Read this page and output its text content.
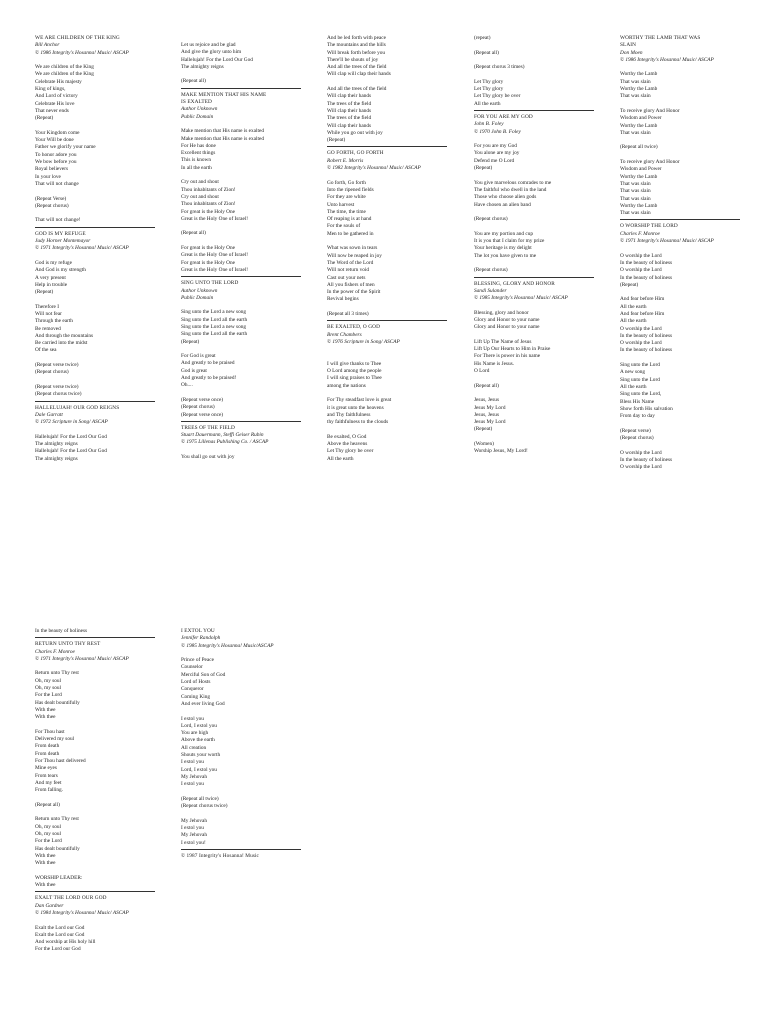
WE ARE CHILDREN OF THE KING
Bill Anchor
© 1986 Integrity's Hosanna! Music/ ASCAP
We are children of the King
We are children of the King
Celebrate His majesty
King of kings,
And Lord of victory
Celebrate His love
That never ends
(Repeat)
Your Kingdom come
Your Will be done
Father we glorify your name
To honor adore you
We bow before you
Royal believers
In your love
That will not change
(Repeat Verse)
(Repeat chorus)
That will not change!
GOD IS MY REFUGE
Judy Horner Montemayor
© 1971 Integrity's Hosanna! Music/ ASCAP
God is my refuge
And God is my strength
A very present
Help in trouble
(Repeat)
Therefore I
Will not fear
Through the earth
Be removed
And through the mountains
Be carried into the midst
Of the sea
(Repeat verse twice)
(Repeat chorus)
(Repeat verse twice)
(Repeat chorus twice)
HALLELUJAH! OUR GOD REIGNS
Dale Garratt
© 1972 Scripture in Song/ ASCAP
Hallelujah! For the Lord Our God
The almighty reigns
Hallelujah! For the Lord Our God
The almighty reigns
Let us rejoice and be glad
And give the glory unto him
Hallelujah! For the Lord Our God
The almighty reigns
(Repeat all)
MAKE MENTION THAT HIS NAME
IS EXALTED
Author Unknown
Public Domain
Make mention that His name is exalted
Make mention that His name is exalted
For He has done
Excellent things
This is known
In all the earth
Cry out and shout
Thou inhabitants of Zion!
Cry out and shout
Thou inhabitants of Zion!
For great is the Holy One
Great is the Holy One of Israel!
(Repeat all)
For great is the Holy One
Great is the Holy One of Israel!
For great is the Holy One
Great is the Holy One of Israel!
SING UNTO THE LORD
Author Unknown
Public Domain
Sing unto the Lord a new song
Sing unto the Lord all the earth
Sing unto the Lord a new song
Sing unto the Lord all the earth
(Repeat)
For God is great
And greatly to be praised
God is great
And greatly to be praised!
Oh....
(Repeat verse once)
(Repeat chorus)
(Repeat verse once)
TREES OF THE FIELD
Stuart Dauermann, Steffi Geiser Rubin
© 1975 Lillenas Publishing Co. / ASCAP
You shall go out with joy
And be led forth with peace
The mountains and the hills
Will break forth before you
There'll be shouts of joy
And all the trees of the field
Will clap will clap their hands
And all the trees of the field
Will clap their hands
The trees of the field
Will clap their hands
The trees of the field
Will clap their hands
While you go out with joy
(Repeat)
GO FORTH, GO FORTH
Robert E. Morris
© 1982 Integrity's Hosanna! Music/ ASCAP
Go forth, Go forth
Into the ripened fields
For they are white
Unto harvest
The time, the time
Of reaping is at hand
For the souls of
Men to be gathered in
What was sown in tears
Will now be reaped in joy
The Word of the Lord
Will not return void
Cast out your nets
All you fishers of men
In the power of the Spirit
Revival begins
(Repeat all 3 times)
BE EXALTED, O GOD
Brent Chambers
© 1976 Scripture in Song/ ASCAP
I will give thanks to Thee
O Lord among the people
I will sing praises to Thee
among the nations
For Thy steadfast love is great
it is great unto the heavens
and Thy faithfulness
thy faithfulness to the clouds
Be exalted, O God
Above the heavens
Let Thy glory be over
All the earth
(repeat)
(Repeat all)
(Repeat chorus 3 times)
Let Thy glory
Let Thy glory
Let Thy glory be over
All the earth
FOR YOU ARE MY GOD
John B. Foley
© 1970 John B. Foley
For you are my God
You alone are my joy
Defend me O Lord
(Repeat)
You give marvelous comrades to me
The faithful who dwell in the land
Those who choose alien gods
Have chosen an alien band
(Repeat chorus)
You are my portion and cup
It is you that I claim for my prize
Your heritage is my delight
The lot you have given to me
(Repeat chorus)
BLESSING, GLORY AND HONOR
Sandi Sulander
© 1985 Integrity's Hosanna! Music/ ASCAP
Blessing, glory and honor
Glory and Honor to your name
Glory and Honor to your name
Lift Up The Name of Jesus
Lift Up Our Hearts to Him in Praise
For There is power in his name
His Name is Jesus.
O Lord
(Repeat all)
Jesus, Jesus
Jesus My Lord
Jesus, Jesus
Jesus My Lord
(Repeat)
(Women)
Worship Jesus, My Lord!
WORTHY THE LAMB THAT WAS
SLAIN
Don Moen
© 1986 Integrity's Hosanna! Music/ ASCAP
Worthy the Lamb
That was slain
Worthy the Lamb
That was slain
To receive glory And Honor
Wisdom and Power
Worthy the Lamb
That was slain
(Repeat all twice)
To receive glory And Honor
Wisdom and Power
Worthy the Lamb
That was slain
That was slain
That was slain
Worthy the Lamb
That was slain
O WORSHIP THE LORD
Charles F. Monroe
© 1971 Integrity's Hosanna! Music/ ASCAP
O worship the Lord
In the beauty of holiness
O worship the Lord
In the beauty of holiness
(Repeat)
And fear before Him
All the earth
And fear before Him
All the earth
O worship the Lord
In the beauty of holiness
O worship the Lord
In the beauty of holiness
Sing unto the Lord
A new song
Sing unto the Lord
All the earth
Sing unto the Lord,
Bless His Name
Show forth His salvation
From day to day
(Repeat verse)
(Repeat chorus)
O worship the Lord
In the beauty of holiness
O worship the Lord
In the beauty of holiness
RETURN UNTO THY REST
Charles F. Monroe
© 1971 Integrity's Hosanna! Music/ ASCAP
Return unto Thy rest
Oh, my soul
Oh, my soul
For the Lord
Has dealt bountifully
With thee
With thee
For Thou hast
Delivered my soul
From death
From death
For Thou hast delivered
Mine eyes
From tears
And my feet
From falling.
(Repeat all)
Return unto Thy rest
Oh, my soul
Oh, my soul
For the Lord
Has dealt bountifully
With thee
With thee
WORSHIP LEADER:
With thee
EXALT THE LORD OUR GOD
Dan Gardner
© 1984 Integrity's Hosanna! Music/ ASCAP
Exalt the Lord our God
Exalt the Lord our God
And worship at His holy hill
For the Lord our God
I EXTOL YOU
Jennifer Randolph
© 1985 Integrity's Hosanna! Music/ASCAP
Prince of Peace
Counselor
Merciful Son of God
Lord of Hosts
Conqueror
Coming King
And ever living God
I extol you
Lord, I extol you
You are high
Above the earth
All creation
Shouts your worth
I extol you
Lord, I extol you
My Jehovah
I extol you
(Repeat all twice)
(Repeat chorus twice)
My Jehovah
I extol you
My Jehovah
I extol you!
© 1987 Integrity's Hosanna! Music
